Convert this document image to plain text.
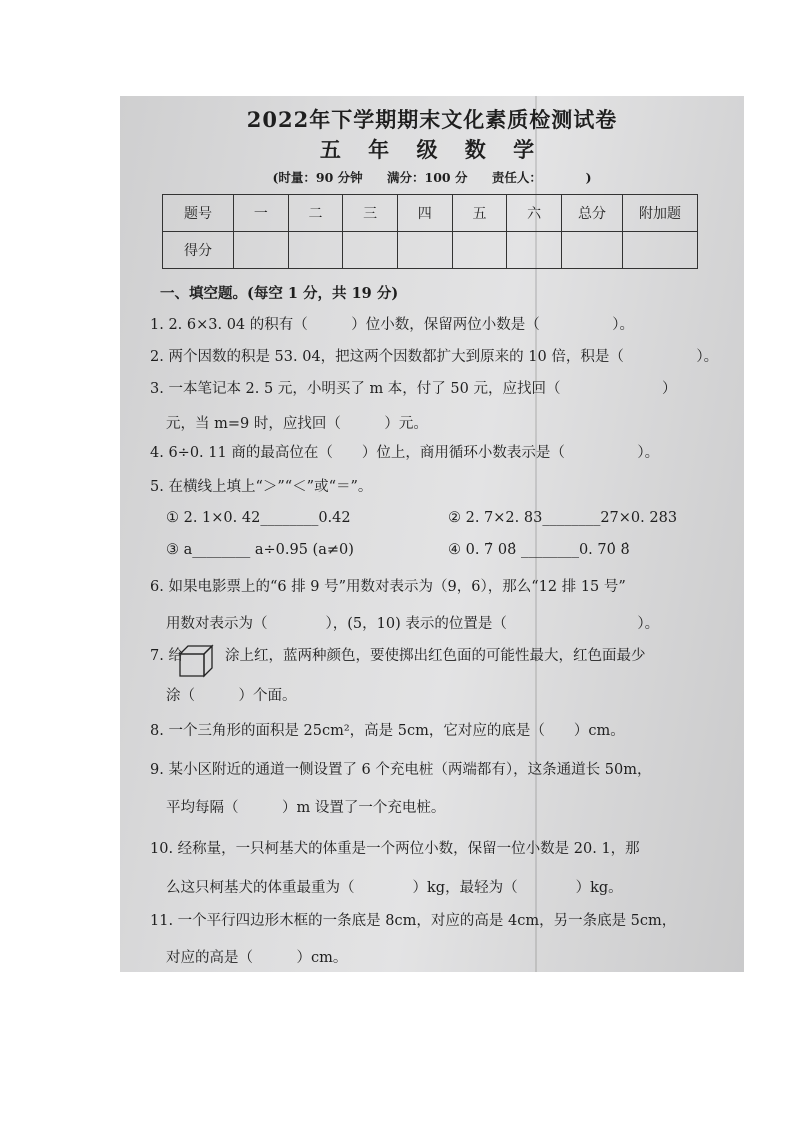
2022年下学期期末文化素质检测试卷
五 年 级 数 学
(时量：90 分钟 满分：100 分 责任人：　　　　)
题号	一	二	三	四	五	六	总分	附加题
得分								
一、填空题。(每空 1 分，共 19 分)
1. 2. 6×3. 04 的积有（　　　）位小数，保留两位小数是（　　　　　）。
2. 两个因数的积是 53. 04，把这两个因数都扩大到原来的 10 倍，积是（　　　　　）。
3. 一本笔记本 2. 5 元，小明买了 m 本，付了 50 元，应找回（　　　　　　　）
元，当 m=9 时，应找回（　　　）元。
4. 6÷0. 11 商的最高位在（　　）位上，商用循环小数表示是（　　　　　）。
5. 在横线上填上“＞”“＜”或“＝”。
① 2. 1×0. 42________0.42	② 2. 7×2. 83________27×0. 283
③ a________ a÷0.95 (a≠0)	④ 0. 7̇ 08̇ ________0. 70̇ 8̇
6. 如果电影票上的“6 排 9 号”用数对表示为（9，6），那么“12 排 15 号”
用数对表示为（　　　　），(5，10) 表示的位置是（　　　　　　　　　）。
7. 给	涂上红，蓝两种颜色，要使掷出红色面的可能性最大，红色面最少
涂（　　　）个面。
8. 一个三角形的面积是 25cm²，高是 5cm，它对应的底是（　　）cm。
9. 某小区附近的通道一侧设置了 6 个充电桩（两端都有），这条通道长 50m，
平均每隔（　　　）m 设置了一个充电桩。
10. 经称量，一只柯基犬的体重是一个两位小数，保留一位小数是 20. 1，那
么这只柯基犬的体重最重为（　　　　）kg，最轻为（　　　　）kg。
11. 一个平行四边形木框的一条底是 8cm，对应的高是 4cm，另一条底是 5cm，
对应的高是（　　　）cm。
